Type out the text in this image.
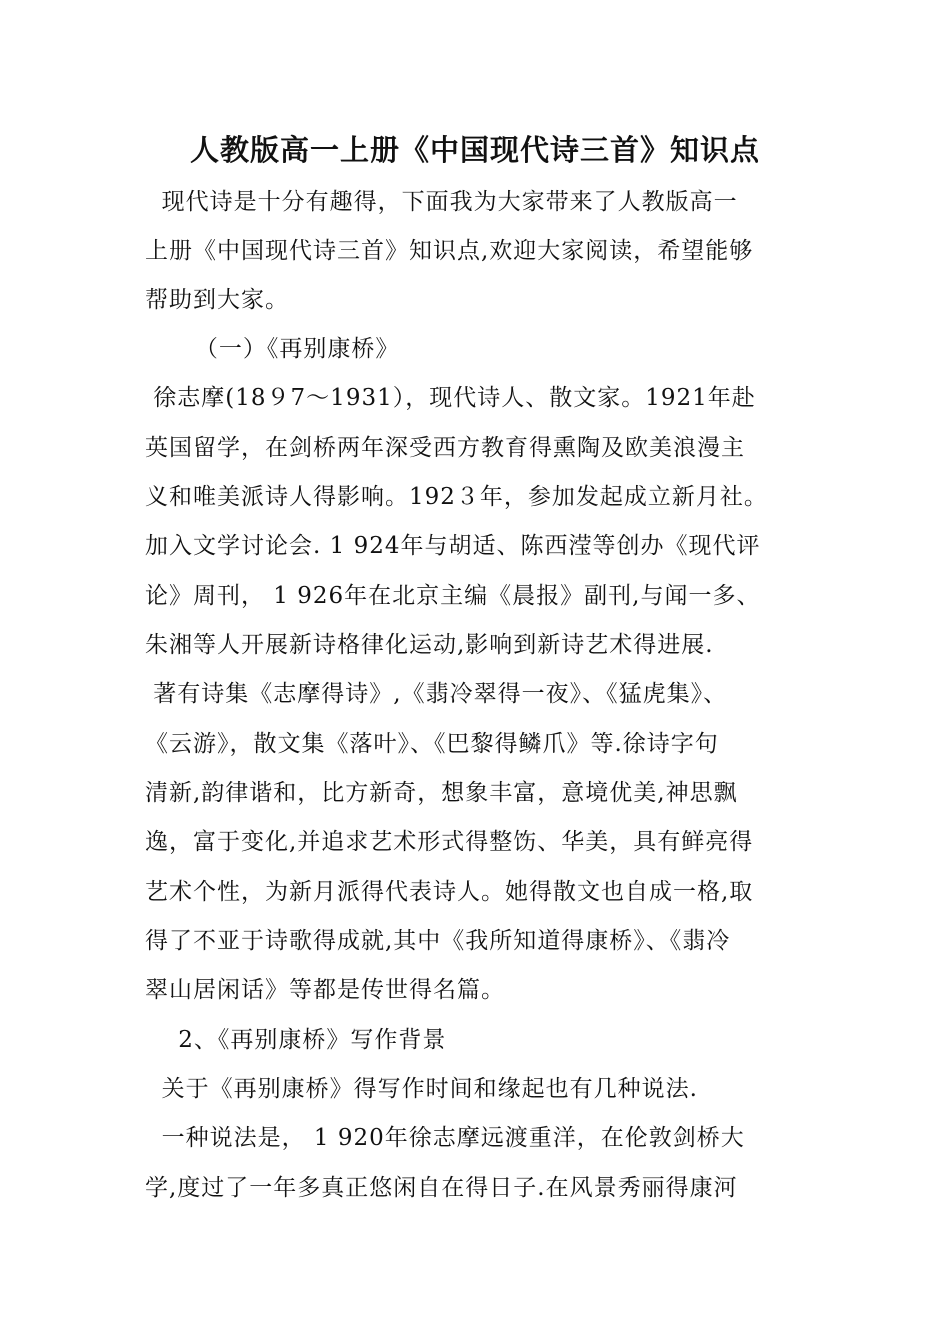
人教版高一上册《中国现代诗三首》知识点
现代诗是十分有趣得，下面我为大家带来了人教版高一
上册《中国现代诗三首》知识点,欢迎大家阅读，希望能够
帮助到大家。
（一）《再别康桥》
徐志摩(18９7～1931），现代诗人、散文家。1921年赴
英国留学，在剑桥两年深受西方教育得熏陶及欧美浪漫主
义和唯美派诗人得影响。192３年，参加发起成立新月社。
加入文学讨论会. 1 924年与胡适、陈西滢等创办《现代评
论》周刊， 1 926年在北京主编《晨报》副刊,与闻一多、
朱湘等人开展新诗格律化运动,影响到新诗艺术得进展.
著有诗集《志摩得诗》,《翡冷翠得一夜》、《猛虎集》、
《云游》，散文集《落叶》、《巴黎得鳞爪》等.徐诗字句
清新,韵律谐和，比方新奇，想象丰富，意境优美,神思飘
逸，富于变化,并追求艺术形式得整饬、华美，具有鲜亮得
艺术个性，为新月派得代表诗人。她得散文也自成一格,取
得了不亚于诗歌得成就,其中《我所知道得康桥》、《翡冷
翠山居闲话》等都是传世得名篇。
2、《再别康桥》写作背景
关于《再别康桥》得写作时间和缘起也有几种说法.
一种说法是， 1 920年徐志摩远渡重洋，在伦敦剑桥大
学,度过了一年多真正悠闲自在得日子.在风景秀丽得康河
